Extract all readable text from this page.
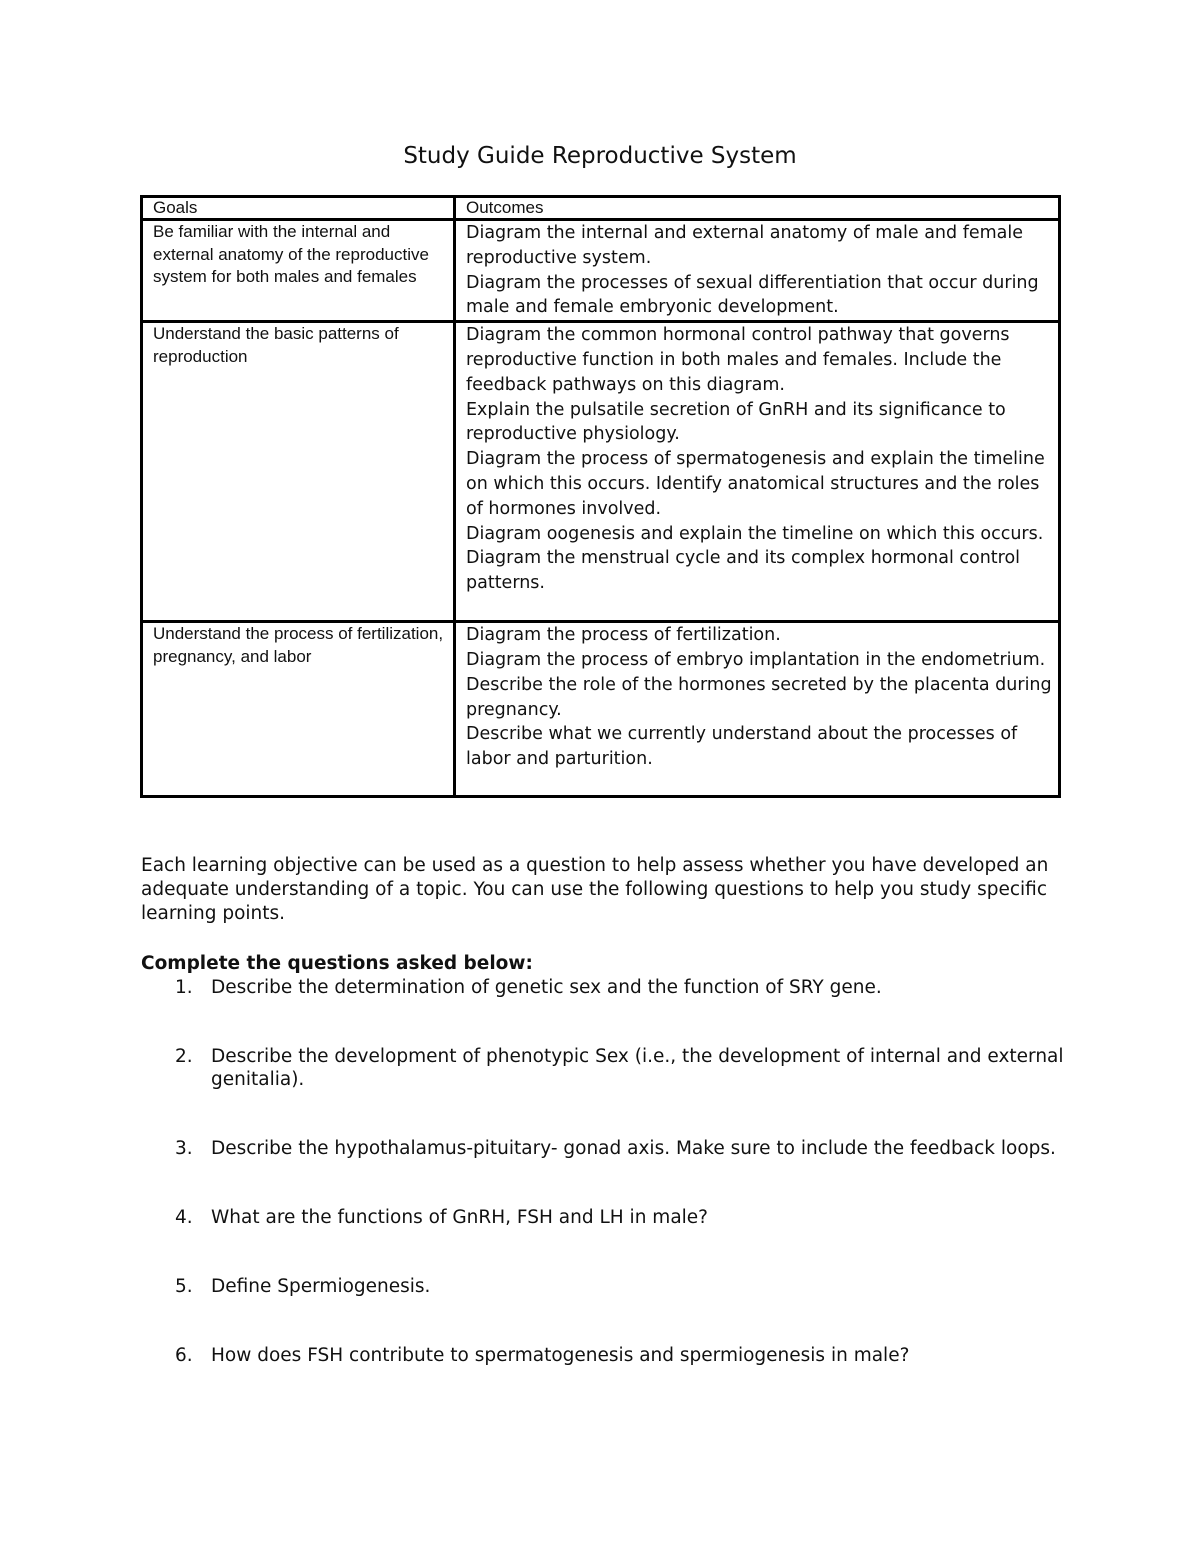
Study Guide Reproductive System
Goals	Outcomes
Be familiar with the internal and external anatomy of the reproductive system for both males and females	Diagram the internal and external anatomy of male and female reproductive system.
Diagram the processes of sexual differentiation that occur during male and female embryonic development.

Understand the basic patterns of reproduction	Diagram the common hormonal control pathway that governs reproductive function in both males and females. Include the feedback pathways on this diagram.
Explain the pulsatile secretion of GnRH and its significance to reproductive physiology.
Diagram the process of spermatogenesis and explain the timeline on which this occurs. Identify anatomical structures and the roles of hormones involved.
Diagram oogenesis and explain the timeline on which this occurs.
Diagram the menstrual cycle and its complex hormonal control patterns.

Understand the process of fertilization, pregnancy, and labor	Diagram the process of fertilization.
Diagram the process of embryo implantation in the endometrium.
Describe the role of the hormones secreted by the placenta during pregnancy.
Describe what we currently understand about the processes of labor and parturition.
Each learning objective can be used as a question to help assess whether you have developed an adequate understanding of a topic. You can use the following questions to help you study specific learning points.
Complete the questions asked below:
1. Describe the determination of genetic sex and the function of SRY gene.
2. Describe the development of phenotypic Sex (i.e., the development of internal and external genitalia).
3. Describe the hypothalamus-pituitary- gonad axis. Make sure to include the feedback loops.
4. What are the functions of GnRH, FSH and LH in male?
5. Define Spermiogenesis.
6. How does FSH contribute to spermatogenesis and spermiogenesis in male?
